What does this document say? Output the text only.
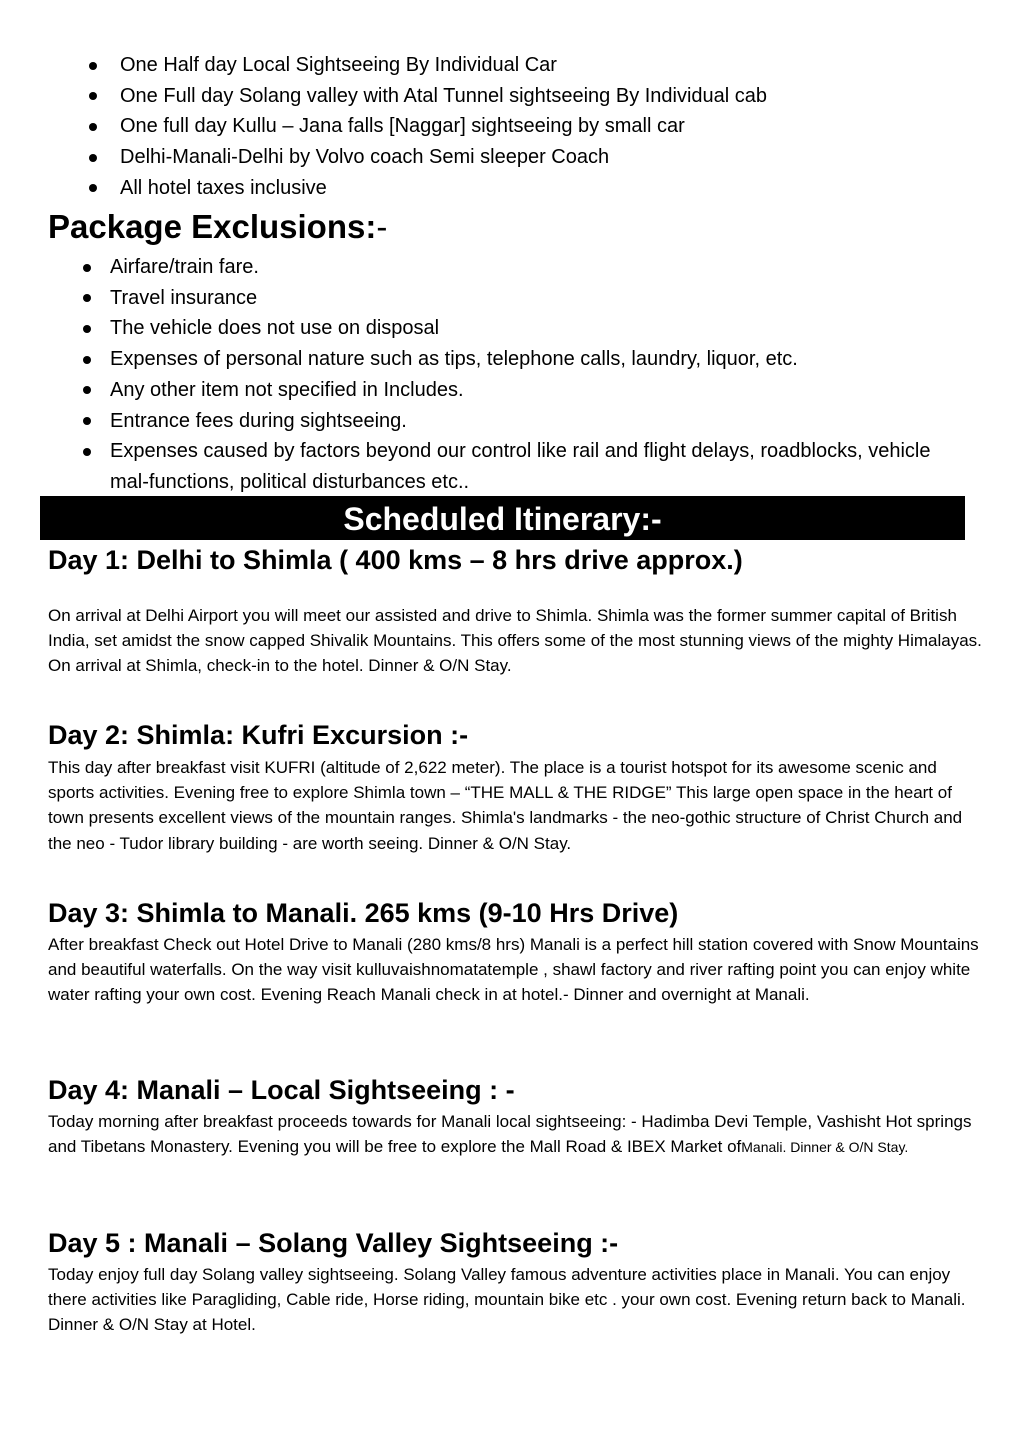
One Half day Local Sightseeing By Individual Car
One Full day Solang valley with Atal Tunnel sightseeing By Individual cab
One full day Kullu – Jana falls [Naggar] sightseeing by small car
Delhi-Manali-Delhi by Volvo coach Semi sleeper Coach
All hotel taxes inclusive
Package Exclusions:-
Airfare/train fare.
Travel insurance
The vehicle does not use on disposal
Expenses of personal nature such as tips, telephone calls, laundry, liquor, etc.
Any other item not specified in Includes.
Entrance fees during sightseeing.
Expenses caused by factors beyond our control like rail and flight delays, roadblocks, vehicle mal-functions, political disturbances etc..
Scheduled Itinerary:-
Day 1: Delhi to Shimla ( 400 kms – 8 hrs drive approx.)

On arrival at Delhi Airport you will meet our assisted and drive to Shimla. Shimla was the former summer capital of British India, set amidst the snow capped Shivalik Mountains. This offers some of the most stunning views of the mighty Himalayas. On arrival at Shimla, check-in to the hotel. Dinner & O/N Stay.

Day 2: Shimla: Kufri Excursion :-

This day after breakfast visit KUFRI (altitude of 2,622 meter). The place is a tourist hotspot for its awesome scenic and sports activities. Evening free to explore Shimla town – “THE MALL & THE RIDGE” This large open space in the heart of town presents excellent views of the mountain ranges. Shimla's landmarks - the neo-gothic structure of Christ Church and the neo - Tudor library building - are worth seeing. Dinner & O/N Stay.

Day 3: Shimla to Manali. 265 kms (9-10 Hrs Drive)

After breakfast Check out Hotel Drive to Manali (280 kms/8 hrs) Manali is a perfect hill station covered with Snow Mountains and beautiful waterfalls. On the way visit kulluvaishnomatatemple , shawl factory and river rafting point you can enjoy white water rafting your own cost. Evening Reach Manali check in at hotel.- Dinner and overnight at Manali.

Day 4: Manali – Local Sightseeing : -

Today morning after breakfast proceeds towards for Manali local sightseeing: - Hadimba Devi Temple, Vashisht Hot springs and Tibetans Monastery. Evening you will be free to explore the Mall Road & IBEX Market ofManali. Dinner & O/N Stay.

Day 5 : Manali – Solang Valley Sightseeing :-

Today enjoy full day Solang valley sightseeing. Solang Valley famous adventure activities place in Manali. You can enjoy there activities like Paragliding, Cable ride, Horse riding, mountain bike etc . your own cost. Evening return back to Manali. Dinner & O/N Stay at Hotel.
